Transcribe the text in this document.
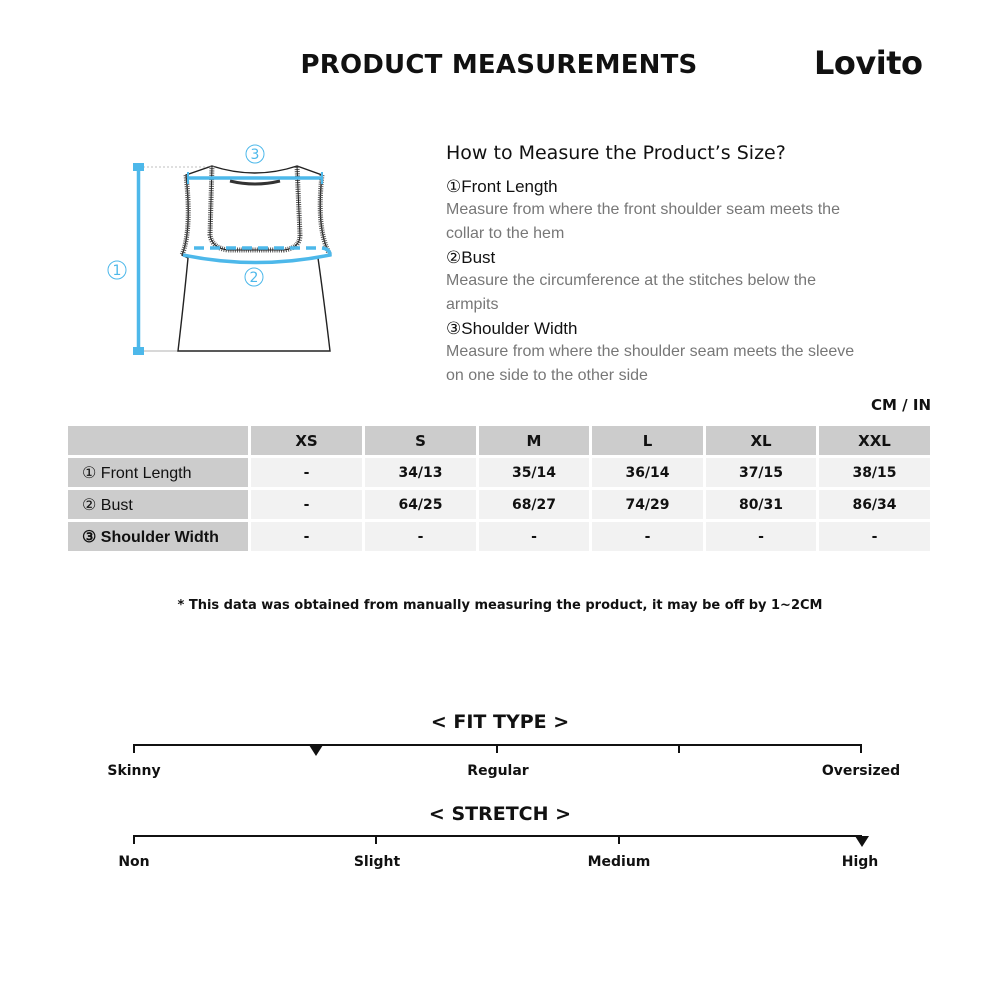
PRODUCT MEASUREMENTS	Lovito
3
1	2
How to Measure the Product’s Size?
①Front Length
Measure from where the front shoulder seam meets the
collar to the hem
②Bust
Measure the circumference at the stitches below the
armpits
③Shoulder Width
Measure from where the shoulder seam meets the sleeve
on one side to the other side
CM / IN
	XS	S	M	L	XL	XXL
① Front Length	-	34/13	35/14	36/14	37/15	38/15
② Bust	-	64/25	68/27	74/29	80/31	86/34
③ Shoulder Width	-	-	-	-	-	-
* This data was obtained from manually measuring the product, it may be off by 1~2CM
< FIT TYPE >
Skinny	Regular	Oversized
< STRETCH >
Non	Slight	Medium	High
